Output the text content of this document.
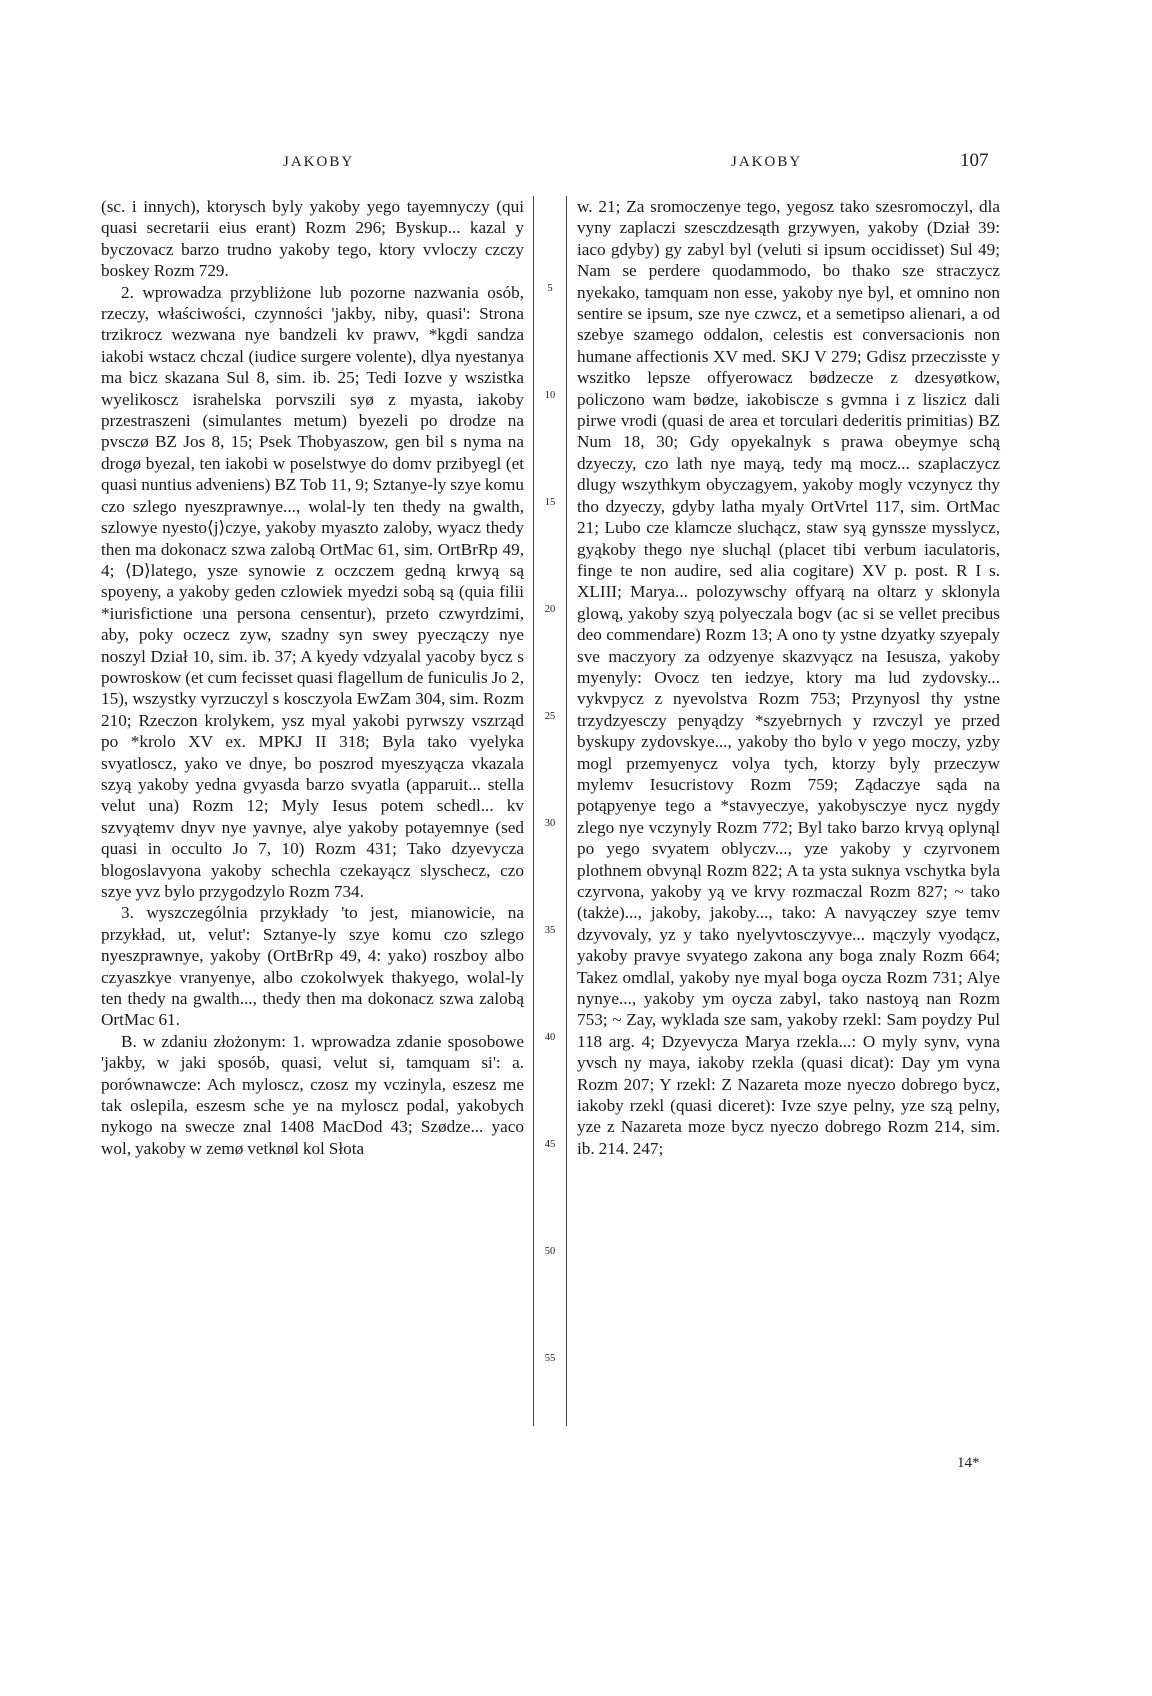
JAKOBY	JAKOBY	107

(sc. i innych), ktorysch byly yakoby yego tayemnyczy (qui quasi secretarii eius erant) Rozm 296; Byskup... kazal y byczovacz barzo trudno yakoby tego, ktory vvloczy czczy boskey Rozm 729.

2. wprowadza przybliżone lub pozorne nazwania osób, rzeczy, właściwości, czynności 'jakby, niby, quasi': Strona trzikrocz wezwana nye bandzeli kv prawv, *kgdi sandza iakobi wstacz chczal (iudice surgere volente), dlya nyestanya ma bicz skazana Sul 8, sim. ib. 25; Tedi Iozve y wszistka wyelikoscz israhelska porvszili syø z myasta, iakoby przestraszeni (simulantes metum) byezeli po drodze na pvsczø BZ Jos 8, 15; Psek Thobyaszow, gen bil s nyma na drogø byezal, ten iakobi w poselstwye do domv przibyegl (et quasi nuntius adveniens) BZ Tob 11, 9; Sztanye-ly szye komu czo szlego nyeszprawnye..., wolal-ly ten thedy na gwalth, szlowye nyesto⟨j⟩czye, yakoby myaszto zaloby, wyacz thedy then ma dokonacz szwa zalobą OrtMac 61, sim. OrtBrRp 49, 4; ⟨D⟩latego, ysze synowie z oczczem gedną krwyą są spoyeny, a yakoby geden czlowiek myedzi sobą są (quia filii *iurisfictione una persona censentur), przeto czwyrdzimi, aby, poky oczecz zyw, szadny syn swey pyeczączy nye noszyl Dział 10, sim. ib. 37; A kyedy vdzyalal yacoby bycz s powroskow (et cum fecisset quasi flagellum de funiculis Jo 2, 15), wszystky vyrzuczyl s kosczyola EwZam 304, sim. Rozm 210; Rzeczon krolykem, ysz myal yakobi pyrwszy vszrząd po *krolo XV ex. MPKJ II 318; Byla tako vyelyka svyatloscz, yako ve dnye, bo poszrod myeszyączа vkazala szyą yakoby yedna gvyasda barzo svyatla (apparuit... stella velut una) Rozm 12; Myly Iesus potem schedl... kv szvyątemv dnyv nye yavnye, alye yakoby potayemnye (sed quasi in occulto Jo 7, 10) Rozm 431; Tako dzyevycza blogoslavyona yakoby schechla czekayącz slyschecz, czo szye yvz bylo przygodzylo Rozm 734.

3. wyszczególnia przykłady 'to jest, mianowicie, na przykład, ut, velut': Sztanye-ly szye komu czo szlego nyeszprawnye, yakoby (OrtBrRp 49, 4: yako) roszboy albo czyaszkye vranyenye, albo czokolwyek thakyego, wolal-ly ten thedy na gwalth..., thedy then ma dokonacz szwa zalobą OrtMac 61.

B. w zdaniu złożonym: 1. wprowadza zdanie sposobowe 'jakby, w jaki sposób, quasi, velut si, tamquam si': a. porównawcze: Ach myloscz, czosz my vczinyla, eszesz me tak oslepila, eszesm sche ye na myloscz podal, yakobych nykogo na swecze znal 1408 MacDod 43; Szødze... yaco wol, yakoby w zemø vetknøl kol Słota

5
10
15
20
25
30
35
40
45
50
55

w. 21; Za sromoczenye tego, yegosz tako szesromoczyl, dla vyny zaplaczi szesczdzesąth grzywyen, yakoby (Dział 39: iaco gdyby) gy zabyl byl (veluti si ipsum occidisset) Sul 49; Nam se perdere quodammodo, bo thako sze straczycz nyekako, tamquam non esse, yakoby nye byl, et omnino non sentire se ipsum, sze nye czwcz, et a semetipso alienari, a od szebye szamego oddalon, celestis est conversacionis non humane affectionis XV med. SKJ V 279; Gdisz przeczisste y wszitko lepsze offyerowacz bødzecze z dzesyøtkow, policzono wam bødze, iakobiscze s gvmna i z liszicz dali pirwe vrodi (quasi de area et torculari dederitis primitias) BZ Num 18, 30; Gdy opyekalnyk s prawa obeymye schą dzyeczy, czo lath nye mayą, tedy mą mocz... szaplaczycz dlugy wszythkym obyczagyem, yakoby mogly vczynycz thy tho dzyeczy, gdyby latha myaly OrtVrtel 117, sim. OrtMac 21; Lubo cze klamcze sluchącz, staw syą gynssze mysslycz, gyąkoby thego nye sluchąl (placet tibi verbum iaculatoris, finge te non audire, sed alia cogitare) XV p. post. R I s. XLIII; Marya... polozywschy offyarą na oltarz y sklonyla glową, yakoby szyą polyeczala bogv (ac si se vellet precibus deo commendare) Rozm 13; A ono ty ystne dzyatky szyepaly sve maczyory za odzyenye skazvyącz na Iesusza, yakoby myenyly: Ovocz ten iedzye, ktory ma lud zydovsky... vykvpycz z nyevolstva Rozm 753; Przynyosl thy ystne trzydzyesczy penyądzy *szyebrnych y rzvczyl ye przed byskupy zydovskye..., yakoby tho bylo v yego moczy, yzby mogl przemyenycz volya tych, ktorzy byly przeczyw mylemv Iesucristovy Rozm 759; Ządaczye sąda na potąpyenye tego a *stavyeczye, yakobysczye nycz nygdy zlego nye vczynyly Rozm 772; Byl tako barzo krvyą oplynąl po yego svyatem oblyczv..., yze yakoby y czyrvonem plothnem obvynąl Rozm 822; A ta ysta suknya vschytka byla czyrvona, yakoby yą ve krvy rozmaczal Rozm 827; ~ tako (także)..., jakoby, jakoby..., tako: A navyączey szye temv dzyvovaly, yz y tako nyelyvtosczyvye... mączyly vyodącz, yakoby pravye svyatego zakona any boga znaly Rozm 664; Takez omdlal, yakoby nye myal boga oycza Rozm 731; Alye nynye..., yakoby ym oycza zabyl, tako nastoyą nan Rozm 753; ~ Zay, wyklada sze sam, yakoby rzekl: Sam poydzy Pul 118 arg. 4; Dzyevycza Marya rzekla...: O myly synv, vyna yvsch ny maya, iakoby rzekla (quasi dicat): Day ym vyna Rozm 207; Y rzekl: Z Nazareta moze nyeczo dobrego bycz, iakoby rzekl (quasi diceret): Ivze szye pelny, yze szą pelny, yze z Nazareta moze bycz nyeczo dobrego Rozm 214, sim. ib. 214. 247;

14*
